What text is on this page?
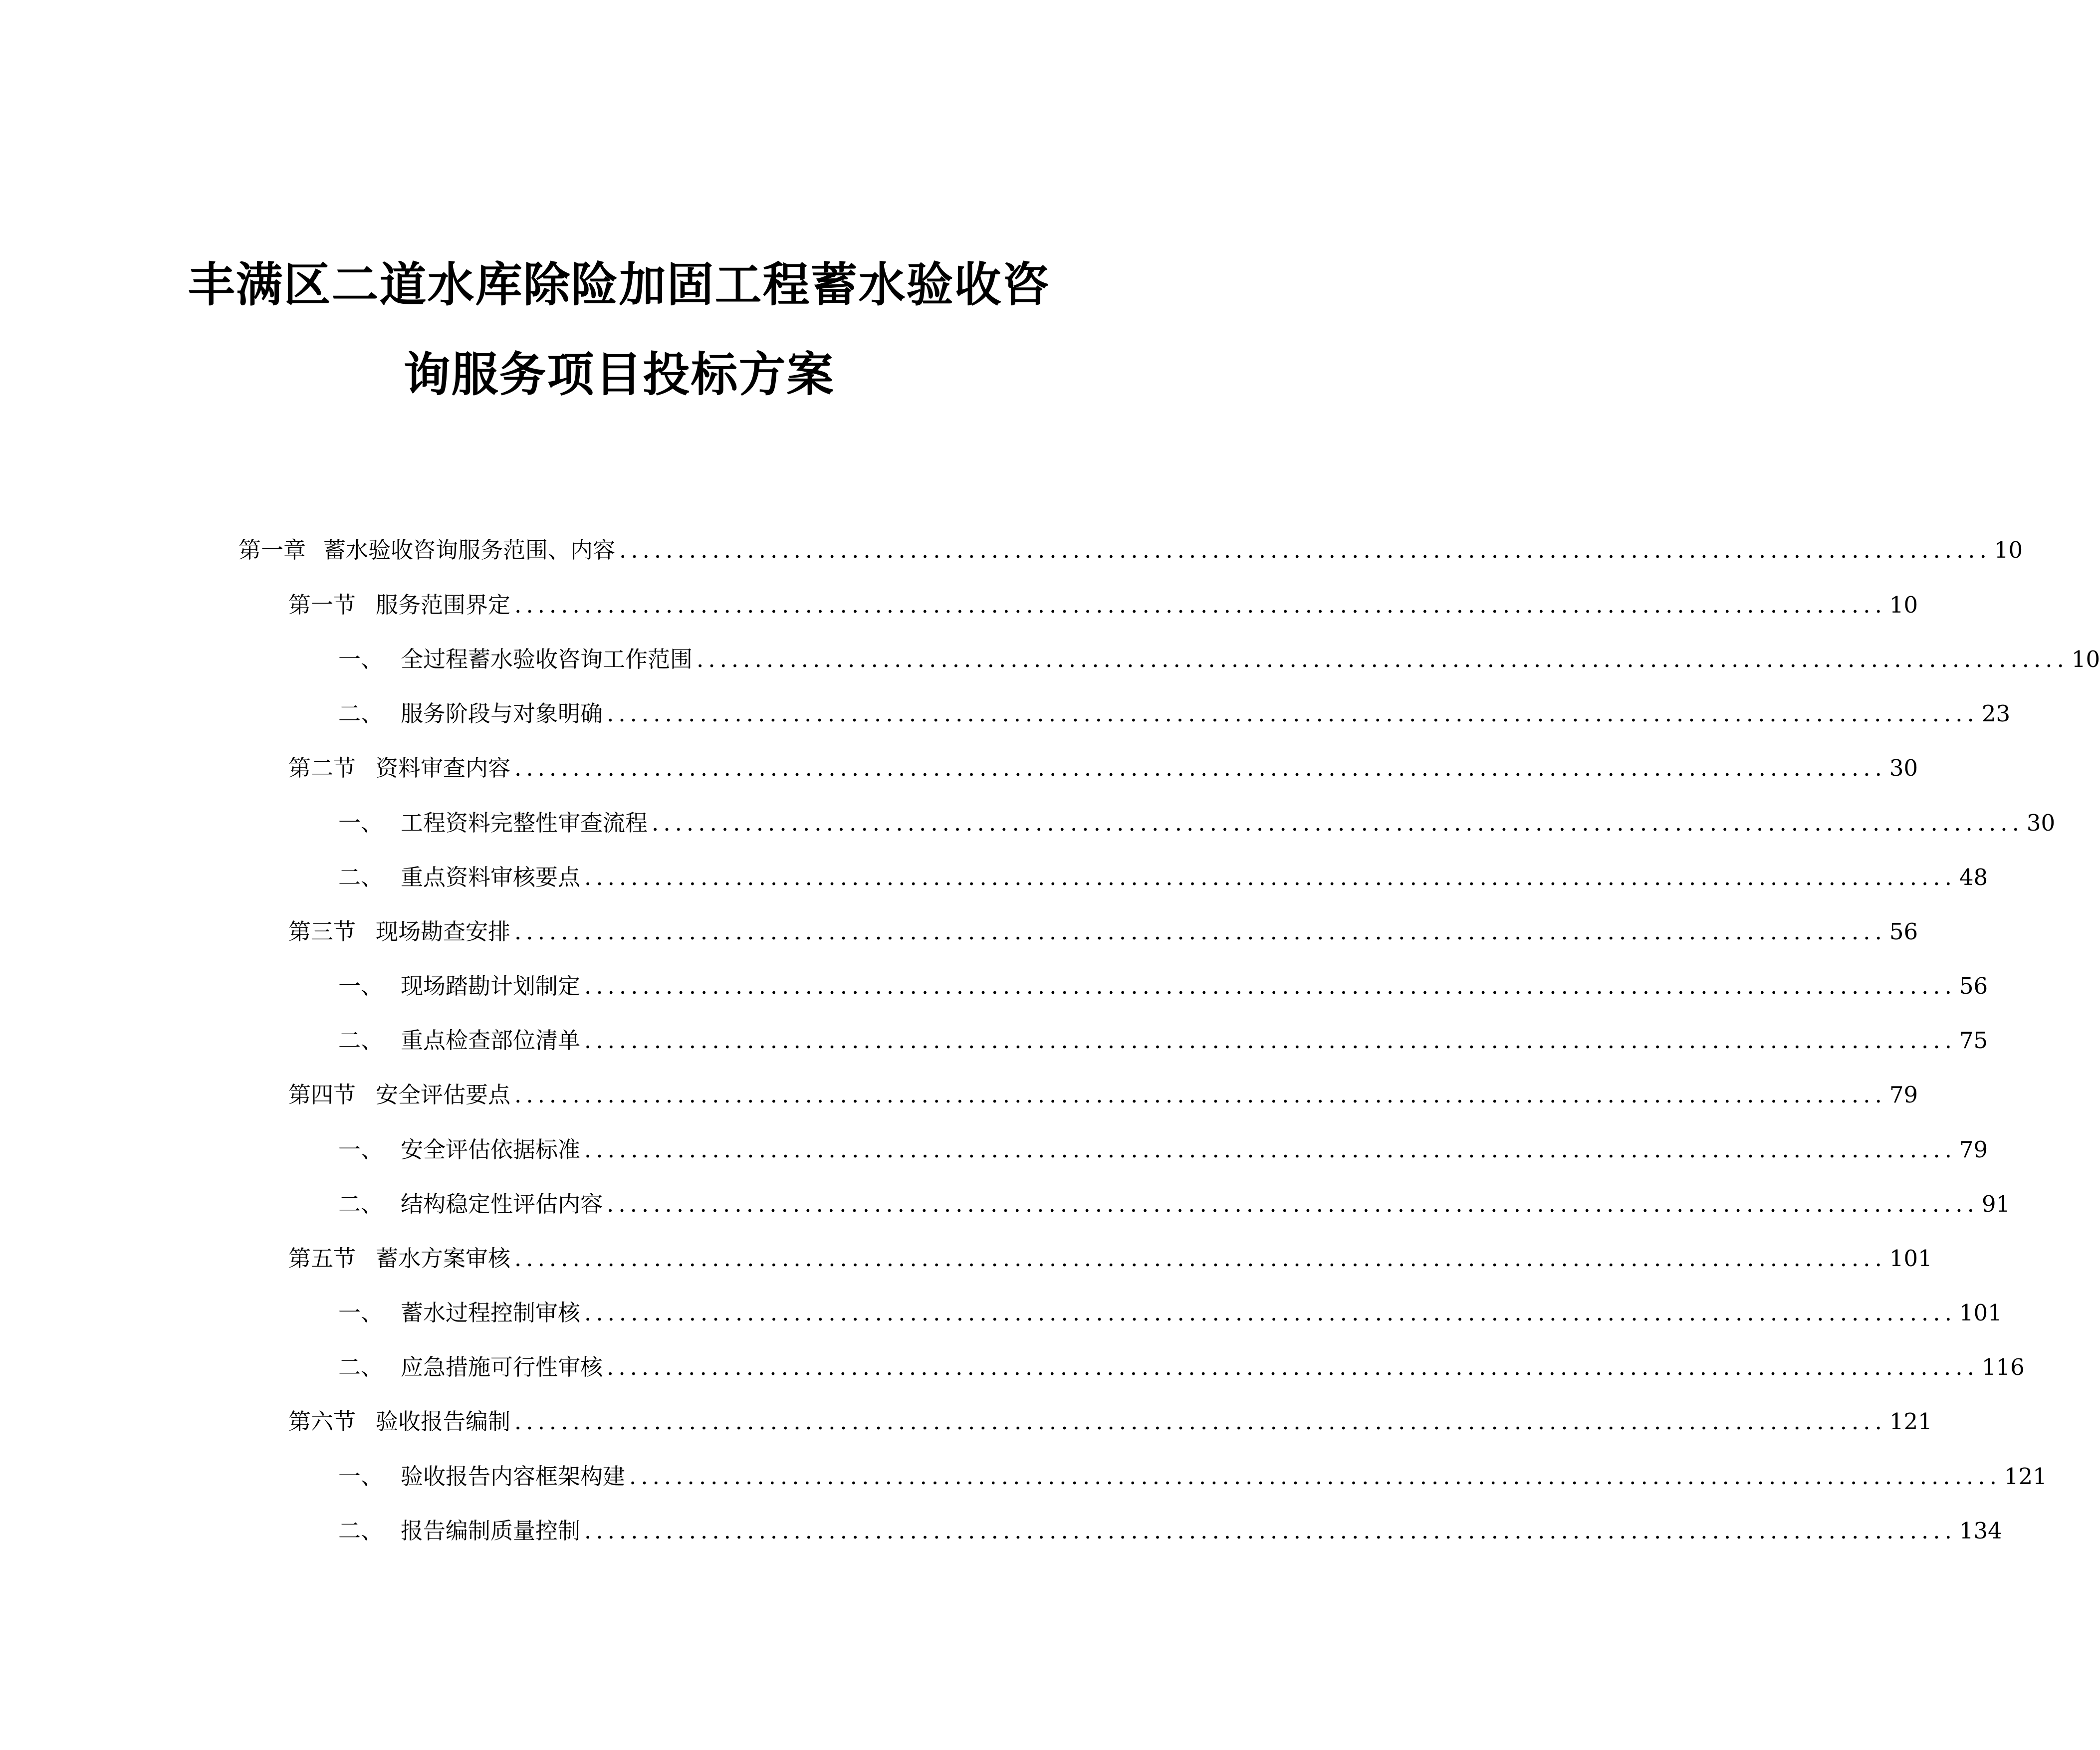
丰满区二道水库除险加固工程蓄水验收咨
询服务项目投标方案
第一章 蓄水验收咨询服务范围、内容 ...................................................................................................................... 10
第一节 服务范围界定 ...................................................................................................................... 10
一、 全过程蓄水验收咨询工作范围 ...................................................................................................................... 10
二、 服务阶段与对象明确 ...................................................................................................................... 23
第二节 资料审查内容 ...................................................................................................................... 30
一、 工程资料完整性审查流程 ...................................................................................................................... 30
二、 重点资料审核要点 ...................................................................................................................... 48
第三节 现场勘查安排 ...................................................................................................................... 56
一、 现场踏勘计划制定 ...................................................................................................................... 56
二、 重点检查部位清单 ...................................................................................................................... 75
第四节 安全评估要点 ...................................................................................................................... 79
一、 安全评估依据标准 ...................................................................................................................... 79
二、 结构稳定性评估内容 ...................................................................................................................... 91
第五节 蓄水方案审核 ...................................................................................................................... 101
一、 蓄水过程控制审核 ...................................................................................................................... 101
二、 应急措施可行性审核 ...................................................................................................................... 116
第六节 验收报告编制 ...................................................................................................................... 121
一、 验收报告内容框架构建 ...................................................................................................................... 121
二、 报告编制质量控制 ...................................................................................................................... 134
